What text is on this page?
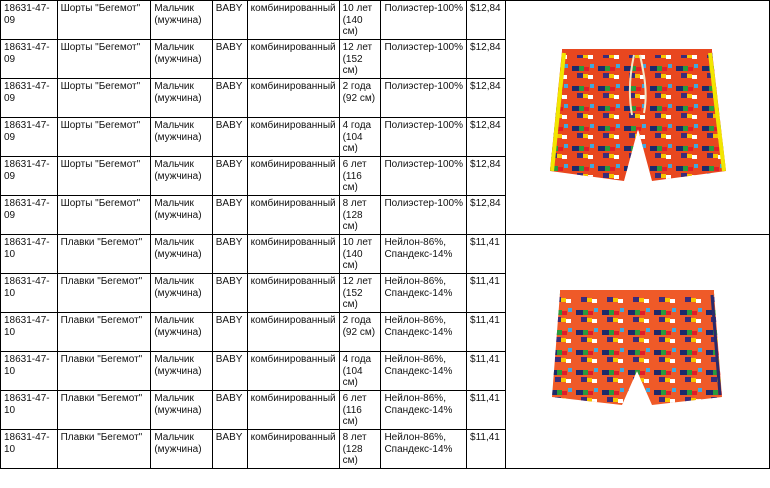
18631-47-09	Шорты "Бегемот"	Мальчик (мужчина)	BABY	комбинированный	10 лет (140 см)	Полиэстер-100%	$12,84	

18631-47-09	Шорты "Бегемот"	Мальчик (мужчина)	BABY	комбинированный	12 лет (152 см)	Полиэстер-100%	$12,84	
18631-47-09	Шорты "Бегемот"	Мальчик (мужчина)	BABY	комбинированный	2 года (92 см)	Полиэстер-100%	$12,84	
18631-47-09	Шорты "Бегемот"	Мальчик (мужчина)	BABY	комбинированный	4 года (104 см)	Полиэстер-100%	$12,84	
18631-47-09	Шорты "Бегемот"	Мальчик (мужчина)	BABY	комбинированный	6 лет (116 см)	Полиэстер-100%	$12,84	
18631-47-09	Шорты "Бегемот"	Мальчик (мужчина)	BABY	комбинированный	8 лет (128 см)	Полиэстер-100%	$12,84	
18631-47-10	Плавки "Бегемот"	Мальчик (мужчина)	BABY	комбинированный	10 лет (140 см)	Нейлон-86%, Спандекс-14%	$11,41	

18631-47-10	Плавки "Бегемот"	Мальчик (мужчина)	BABY	комбинированный	12 лет (152 см)	Нейлон-86%, Спандекс-14%	$11,41	
18631-47-10	Плавки "Бегемот"	Мальчик (мужчина)	BABY	комбинированный	2 года (92 см)	Нейлон-86%, Спандекс-14%	$11,41	
18631-47-10	Плавки "Бегемот"	Мальчик (мужчина)	BABY	комбинированный	4 года (104 см)	Нейлон-86%, Спандекс-14%	$11,41	
18631-47-10	Плавки "Бегемот"	Мальчик (мужчина)	BABY	комбинированный	6 лет (116 см)	Нейлон-86%, Спандекс-14%	$11,41	
18631-47-10	Плавки "Бегемот"	Мальчик (мужчина)	BABY	комбинированный	8 лет (128 см)	Нейлон-86%, Спандекс-14%	$11,41	
